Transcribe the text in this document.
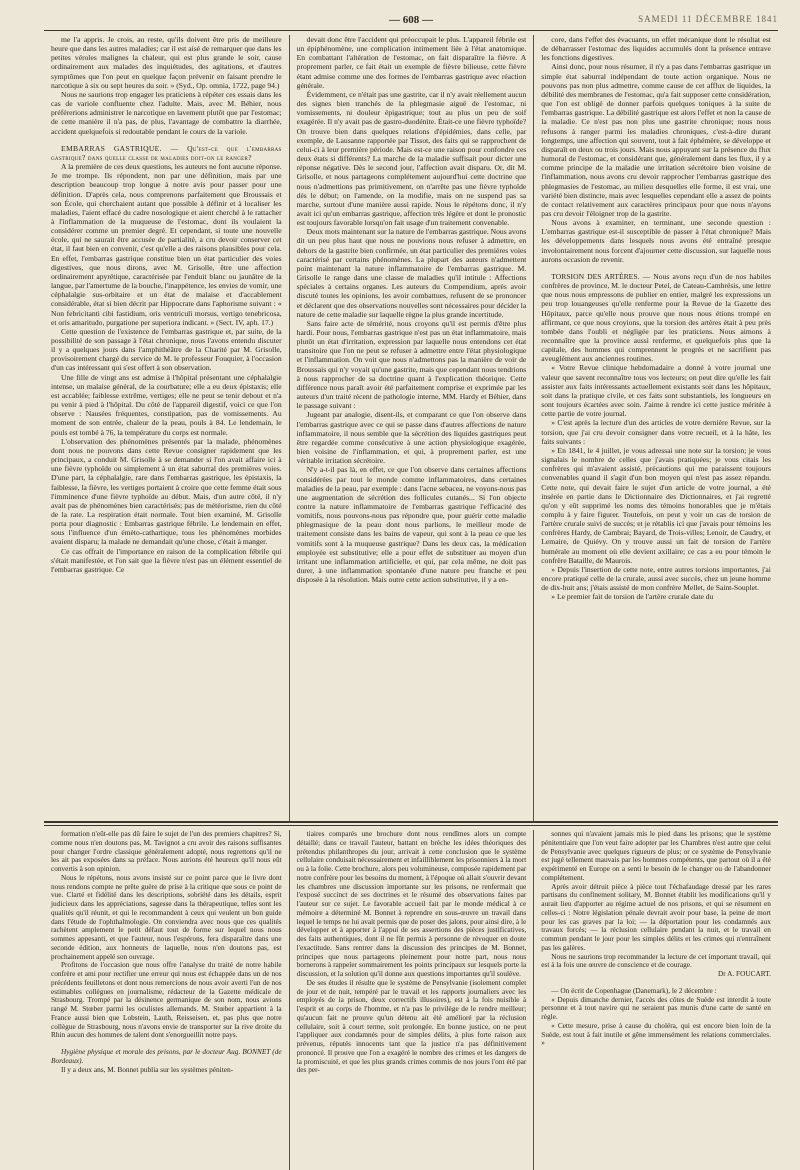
— 608 —	SAMEDI 11 DÉCEMBRE 1841

me l'a appris. Je crois, au reste, qu'ils doivent être pris de meilleure heure que dans les autres maladies; car il est aisé de remarquer que dans les petites véroles malignes la chaleur, qui est plus grande le soir, cause ordinairement aux malades des inquiétudes, des agitations, et d'autres symptômes que l'on peut en quelque façon prévenir en faisant prendre le narcotique à six ou sept heures du soir. » (Syd., Op. omnia, 1722, page 94.)

Nous ne saurions trop engager les praticiens à répéter ces essais dans les cas de variole confluente chez l'adulte. Mais, avec M. Béhier, nous préférerions administrer le narcotique en lavement plutôt que par l'estomac; de cette manière il n'a pas, de plus, l'avantage de combattre la diarrhée, accident quelquefois si redoutable pendant le cours de la variole.

EMBARRAS GASTRIQUE. — Qu'est-ce que l'embarras gastrique? dans quelle classe de maladies doit-on le ranger?

A la première de ces deux questions, les auteurs ne font aucune réponse. Je me trompe. Ils répondent, non par une définition, mais par une description beaucoup trop longue à notre avis pour passer pour une définition. D'après cela, nous comprenons parfaitement que Broussais et son École, qui cherchaient autant que possible à définir et à localiser les maladies, l'aient effacé du cadre nosologique et aient cherché à le rattacher à l'inflammation de la muqueuse de l'estomac, dont ils voulaient la considérer comme un premier degré. Et cependant, si toute une nouvelle école, qui ne saurait être accusée de partialité, a cru devoir conserver cet état, il faut bien en convenir, c'est qu'elle a des raisons plausibles pour cela. En effet, l'embarras gastrique constitue bien un état particulier des voies digestives, que nous dirons, avec M. Grisolle, être une affection ordinairement apyrétique, caractérisée par l'enduit blanc ou jaunâtre de la langue, par l'amertume de la bouche, l'inappétence, les envies de vomir, une céphalalgie sus-orbitaire et un état de malaise et d'accablement considérable, état si bien décrit par Hippocrate dans l'aphorisme suivant : « Non febricitanti cibi fastidium, oris ventriculi morsus, vertigo tenebricosa, et oris amaritudo, purgatione per superiora indicant. » (Sect. IV, aph. 17.)

Cette question de l'existence de l'embarras gastrique et, par suite, de la possibilité de son passage à l'état chronique, nous l'avons entendu discuter il y a quelques jours dans l'amphithéâtre de la Charité par M. Grisolle, provisoirement chargé du service de M. le professeur Fouquier, à l'occasion d'un cas intéressant qui s'est offert à son observation.

Une fille de vingt ans est admise à l'hôpital présentant une céphalalgie intense, un malaise général, de la courbature; elle a eu deux épistaxis; elle est accablée; faiblesse extrême, vertiges; elle ne peut se tenir debout et n'a pu venir à pied à l'hôpital. Du côté de l'appareil digestif, voici ce que l'on observe : Nausées fréquentes, constipation, pas de vomissements. Au moment de son entrée, chaleur de la peau, pouls à 84. Le lendemain, le pouls est tombé à 76, la température du corps est normale.

L'observation des phénomènes présentés par la malade, phénomènes dont nous ne pouvons dans cette Revue consigner rapidement que les principaux, a conduit M. Grisolle à se demander si l'on avait affaire ici à une fièvre typhoïde ou simplement à un état saburral des premières voies. D'une part, la céphalalgie, rare dans l'embarras gastrique, les épistaxis, la faiblesse, la fièvre, les vertiges portaient à croire que cette femme était sous l'imminence d'une fièvre typhoïde au début. Mais, d'un autre côté, il n'y avait pas de phénomènes bien caractérisés; pas de météorisme, rien du côté de la rate. La respiration était normale. Tout bien examiné, M. Grisolle porta pour diagnostic : Embarras gastrique fébrile. Le lendemain en effet, sous l'influence d'un émèto-cathartique, tous les phénomènes morbides avaient disparu; la malade ne demandait qu'une chose, c'était à manger.

Ce cas offrait de l'importance en raison de la complication fébrile qui s'était manifestée, et l'on sait que la fièvre n'est pas un élément essentiel de l'embarras gastrique. Ce

devait donc être l'accident qui préoccupait le plus. L'appareil fébrile est un épiphénomène, une complication intimement liée à l'état anatomique. En combattant l'altération de l'estomac, on fait disparaître la fièvre. A proprement parler, ce fait était un exemple de fièvre bilieuse, cette fièvre étant admise comme une des formes de l'embarras gastrique avec réaction générale.

Évidemment, ce n'était pas une gastrite, car il n'y avait réellement aucun des signes bien tranchés de la phlegmasie aiguë de l'estomac, ni vomissements, ni douleur épigastrique; tout au plus un peu de soif exagérée. Il n'y avait pas de gastro-duodénite. Était-ce une fièvre typhoïde? On trouve bien dans quelques relations d'épidémies, dans celle, par exemple, de Lausanne rapportée par Tissot, des faits qui se rapprochent de celui-ci à leur première période. Mais est-ce une raison pour confondre ces deux états si différents? La marche de la maladie suffisait pour dicter une réponse négative. Dès le second jour, l'affection avait disparu. Or, dit M. Grisolle, et nous partageons complétement aujourd'hui cette doctrine que nous n'admettions pas primitivement, on n'arrête pas une fièvre typhoïde dès le début; on l'amende, on la modifie, mais on ne suspend pas sa marche, surtout d'une manière aussi rapide. Nous le répétons donc, il n'y avait ici qu'un embarras gastrique, affection très légère et dont le pronostic est toujours favorable lorsqu'on fait usage d'un traitement convenable.

Deux mots maintenant sur la nature de l'embarras gastrique. Nous avons dit un peu plus haut que nous ne pouvions nous refuser à admettre, en dehors de la gastrite bien confirmée, un état particulier des premières voies caractérisé par certains phénomènes. La plupart des auteurs n'admettent point maintenant la nature inflammatoire de l'embarras gastrique. M. Grisolle le range dans une classe de maladies qu'il intitule : Affections spéciales à certains organes. Les auteurs du Compendium, après avoir discuté toutes les opinions, les avoir combattues, refusent de se prononcer et déclarent que des observations nouvelles sont nécessaires pour décider la nature de cette maladie sur laquelle règne la plus grande incertitude.

Sans faire acte de témérité, nous croyons qu'il est permis d'être plus hardi. Pour nous, l'embarras gastrique n'est pas un état inflammatoire, mais plutôt un état d'irritation, expression par laquelle nous entendons cet état transitoire que l'on ne peut se refuser à admettre entre l'état physiologique et l'inflammation. On voit que nous n'admettons pas la manière de voir de Broussais qui n'y voyait qu'une gastrite, mais que cependant nous tendrions à nous rapprocher de sa doctrine quant à l'explication théorique. Cette différence nous paraît avoir été parfaitement comprise et exprimée par les auteurs d'un traité récent de pathologie interne, MM. Hardy et Béhier, dans le passage suivant :

Jugeant par analogie, disent-ils, et comparant ce que l'on observe dans l'embarras gastrique avec ce qui se passe dans d'autres affections de nature inflammatoire, il nous semble que la sécrétion des liquides gastriques peut être regardée comme consécutive à une action physiologique exagérée, bien voisine de l'inflammation, et qui, à proprement parler, est une véritable irritation sécrétoire.

N'y a-t-il pas là, en effet, ce que l'on observe dans certaines affections considérées par tout le monde comme inflammatoires, dans certaines maladies de la peau, par exemple : dans l'acne sebacea, ne voyons-nous pas une augmentation de sécrétion des follicules cutanés... Si l'on objecte contre la nature inflammatoire de l'embarras gastrique l'efficacité des vomitifs, nous pouvons-nous pas répondre que, pour guérir cette maladie phlegmasique de la peau dont nous parlions, le meilleur mode de traitement consiste dans les bains de vapeur, qui sont à la peau ce que les vomitifs sont à la muqueuse gastrique? Dans les deux cas, la médication employée est substitutive; elle a pour effet de substituer au moyen d'un irritant une inflammation artificielle, et qui, par cela même, ne doit pas durer, à une inflammation spontanée d'une nature peu franche et peu disposée à la résolution. Mais outre cette action substitutive, il y a en-

core, dans l'effet des évacuants, un effet mécanique dont le résultat est de débarrasser l'estomac des liquides accumulés dont la présence entrave les fonctions digestives.

Ainsi donc, pour nous résumer, il n'y a pas dans l'embarras gastrique un simple état saburral indépendant de toute action organique. Nous ne pouvons pas non plus admettre, comme cause de cet afflux de liquides, la débilité des membranes de l'estomac, qu'a fait supposer cette considération, que l'on est obligé de donner parfois quelques toniques à la suite de l'embarras gastrique. La débilité gastrique est alors l'effet et non la cause de la maladie. Ce n'est pas non plus une gastrite chronique; nous nous refusons à ranger parmi les maladies chroniques, c'est-à-dire durant longtemps, une affection qui souvent, tout à fait éphémère, se développe et disparaît en deux ou trois jours. Mais nous appuyant sur la présence du flux humoral de l'estomac, et considérant que, généralement dans les flux, il y a comme principe de la maladie une irritation sécrétoire bien voisine de l'inflammation, nous avons cru devoir rapprocher l'embarras gastrique des phlegmasies de l'estomac, au milieu desquelles elle forme, il est vrai, une variété bien distincte, mais avec lesquelles cependant elle a assez de points de contact relativement aux caractères principaux pour que nous n'ayons pas cru devoir l'éloigner trop de la gastrite.

Nous avons à examiner, en terminant, une seconde question : L'embarras gastrique est-il susceptible de passer à l'état chronique? Mais les développements dans lesquels nous avons été entraîné presque involontairement nous forcent d'ajourner cette discussion, sur laquelle nous aurons occasion de revenir.

TORSION DES ARTÈRES. — Nous avons reçu d'un de nos habiles confrères de province, M. le docteur Petel, de Cateau-Cambrésis, une lettre que nous nous empressons de publier en entier, malgré les expressions un peu trop louangeuses qu'elle renferme pour la Revue de la Gazette des Hôpitaux, parce qu'elle nous prouve que nous nous étions trompé en affirmant, ce que nous croyions, que la torsion des artères était à peu près tombée dans l'oubli et négligée par les praticiens. Nous aimons à reconnaître que la province aussi renferme, et quelquefois plus que la capitale, des hommes qui comprennent le progrès et ne sacrifient pas aveuglément aux anciennes routines.

« Votre Revue clinique hebdomadaire a donné à votre journal une valeur que savent reconnaître tous vos lecteurs; on peut dire qu'elle les fait assister aux faits intéressants actuellement existants soit dans les hôpitaux, soit dans la pratique civile, et ces faits sont substantiels, les longueurs en sont toujours écartées avec soin. J'aime à rendre ici cette justice méritée à cette partie de votre journal.

» C'est après la lecture d'un des articles de votre dernière Revue, sur la torsion, que j'ai cru devoir consigner dans votre recueil, et à la hâte, les faits suivants :

» En 1841, le 4 juillet, je vous adressai une note sur la torsion; je vous signalais le nombre de celles que j'avais pratiquées; je vous citais les confrères qui m'avaient assisté, précautions qui me paraissent toujours convenables quand il s'agit d'un bon moyen qui n'est pas assez répandu. Cette note, qui devait faire le sujet d'un article de votre journal, a été insérée en partie dans le Dictionnaire des Dictionnaires, et j'ai regretté qu'on y eût supprimé les noms des témoins honorables que je m'étais complu à y faire figurer. Toutefois, on peut y voir un cas de torsion de l'artère crurale suivi de succès; et je rétablis ici que j'avais pour témoins les confrères Hardy, de Cambrai; Bayard, de Trois-villes; Lenoir, de Caudry, et Lemaire, de Quiévy. On y trouve aussi un fait de torsion de l'artère humérale au moment où elle devient axillaire; ce cas a eu pour témoin le confrère Bataille, de Maurois.

» Depuis l'insertion de cette note, entre autres torsions importantes, j'ai encore pratiqué celle de la crurale, aussi avec succès, chez un jeune homme de dix-huit ans; j'étais assisté de mon confrère Mellet, de Saint-Souplet.

» Le premier fait de torsion de l'artère crurale date du

formation n'eût-elle pas dû faire le sujet de l'un des premiers chapitres? Si, comme nous n'en doutons pas, M. Tavignot a cru avoir des raisons suffisantes pour changer l'ordre classique généralement adopté, nous regrettons qu'il ne les ait pas exposées dans sa préface. Nous aurions été heureux qu'il nous eût convertis à son opinion.

Nous le répétons, nous avons insisté sur ce point parce que le livre dont nous rendons compte ne prête guère de prise à la critique que sous ce point de vue. Clarté et fidélité dans les descriptions, sobriété dans les détails, esprit judicieux dans les appréciations, sagesse dans la thérapeutique, telles sont les qualités qu'il réunit, et qui le recommandent à ceux qui veulent un bon guide dans l'étude de l'ophthalmologie. On conviendra avec nous que ces qualités rachètent amplement le petit défaut tout de forme sur lequel nous nous sommes appesanti, et que l'auteur, nous l'espérons, fera disparaître dans une seconde édition, aux honneurs de laquelle, nous n'en doutons pas, est prochainement appelé son ouvrage.

Profitons de l'occasion que nous offre l'analyse du traité de notre habile confrère et ami pour rectifier une erreur qui nous est échappée dans un de nos précédents feuilletons et dont nous remercions de nous avoir averti l'un de nos estimables collègues en journalisme, rédacteur de la Gazette médicale de Strasbourg. Trompé par la désinence germanique de son nom, nous avions rangé M. Stœber parmi les oculistes allemands. M. Stœber appartient à la France aussi bien que Lobstein, Lauth, Reisseisen, et, pas plus que notre collègue de Strasbourg, nous n'avons envie de transporter sur la rive droite du Rhin aucun des hommes de talent dont s'enorgueillit notre pays.

Hygiène physique et morale des prisons, par le docteur Aug. BONNET (de Bordeaux).

Il y a deux ans, M. Bonnet publia sur les systèmes péniten-

tiaires comparés une brochure dont nous rendîmes alors un compte détaillé; dans ce travail l'auteur, battant en brèche les idées théoriques des prétendus philanthropes du jour, arrivait à cette conclusion que le système cellulaire conduisait nécessairement et infailliblement les prisonniers à la mort ou à la folie. Cette brochure, alors peu volumineuse, composée rapidement par notre confrère pour les besoins du moment, à l'époque où allait s'ouvrir devant les chambres une discussion importante sur les prisons, ne renfermait que l'exposé succinct de ses doctrines et le résumé des observations faites par l'auteur sur ce sujet. Le favorable accueil fait par le monde médical à ce mémoire a déterminé M. Bonnet à reprendre en sous-œuvre un travail dans lequel le temps ne lui avait permis que de poser des jalons, pour ainsi dire, à le développer et à apporter à l'appui de ses assertions des pièces justificatives, des faits authentiques, dont il ne fût permis à personne de révoquer en doute l'exactitude. Sans rentrer dans la discussion des principes de M. Bonnet, principes que nous partageons pleinement pour notre part, nous nous bornerons à rappeler sommairement les points principaux sur lesquels porte la discussion, et la solution qu'il donne aux questions importantes qu'il soulève.

De ses études il résulte que le système de Pensylvanie (isolement complet de jour et de nuit, tempéré par le travail et les rapports journaliers avec les employés de la prison, deux correctifs illusoires), est à la fois nuisible à l'esprit et au corps de l'homme, et n'a pas le privilège de le rendre meilleur; qu'aucun fait ne prouve qu'un détenu ait été amélioré par la réclusion cellulaire, soit à court terme, soit prolongée. En bonne justice, on ne peut l'appliquer aux condamnés pour de simples délits, à plus forte raison aux prévenus, réputés innocents tant que la justice n'a pas définitivement prononcé. Il prouve que l'on a exagéré le nombre des crimes et les dangers de la promiscuité, et que les plus grands crimes commis de nos jours l'ont été par des per-

sonnes qui n'avaient jamais mis le pied dans les prisons; que le système pénitentiaire que l'on veut faire adopter par les Chambres n'est autre que celui de Pensylvanie avec quelques rigueurs de plus; or ce système de Pensylvanie est jugé tellement mauvais par les hommes compétents, que partout où il a été expérimenté en Europe on a senti le besoin de le changer ou de l'abandonner complétement.

Après avoir détruit pièce à pièce tout l'échafaudage dressé par les rares partisans du confinement solitary, M. Bonnet établit les modifications qu'il y aurait lieu d'apporter au régime actuel de nos prisons, et qui se résument en celles-ci : Notre législation pénale devrait avoir pour base, la peine de mort pour les cas graves par la loi; — la déportation pour les condamnés aux travaux forcés; — la réclusion cellulaire pendant la nuit, et le travail en commun pendant le jour pour les simples délits et les crimes qui n'entraînent pas les galères.

Nous ne saurions trop recommander la lecture de cet important travail, qui est à la fois une œuvre de conscience et de courage.

Dr A. FOUCART.

— On écrit de Copenhague (Danemark), le 2 décembre :

« Depuis dimanche dernier, l'accès des côtes de Suède est interdit à toute personne et à tout navire qui ne seraient pas munis d'une carte de santé en règle.

« Cette mesure, prise à cause du choléra, qui est encore bien loin de la Suède, est tout à fait inutile et gêne immensément les relations commerciales. »
